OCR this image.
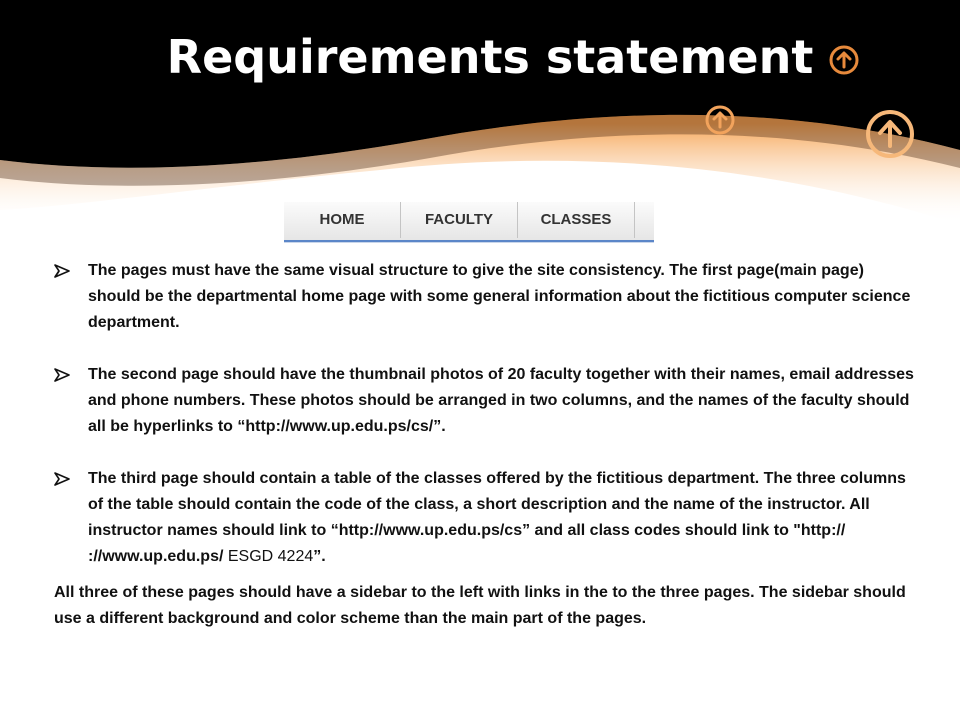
Requirements statement
HOME	FACULTY	CLASSES
The pages must have the same visual structure to give the site consistency. The first page(main page) should be the departmental home page with some general information about the fictitious computer science department.
The second page should have the thumbnail photos of 20 faculty together with their names, email addresses and phone numbers. These photos should be arranged in two columns, and the names of the faculty should all be hyperlinks to “http://www.up.edu.ps/cs/”.
The third page should contain a table of the classes offered by the fictitious department. The three columns of the table should contain the code of the class, a short description and the name of the instructor. All instructor names should link to “http://www.up.edu.ps/cs” and all class codes should link to "http:// ://www.up.edu.ps/ ESGD 4224”.
All three of these pages should have a sidebar to the left with links in the to the three pages. The sidebar should use a different background and color scheme than the main part of the pages.
